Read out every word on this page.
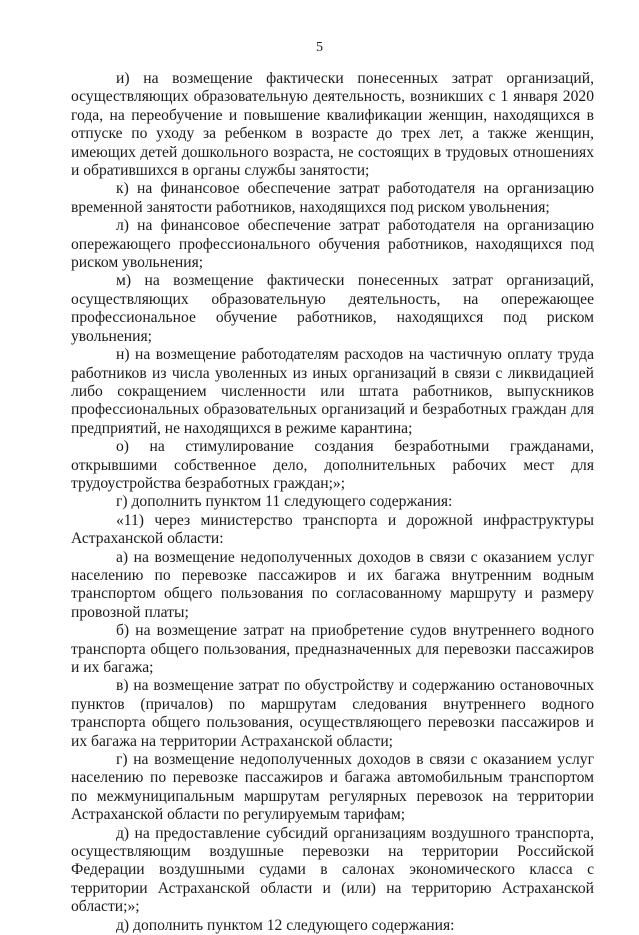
5

и) на возмещение фактически понесенных затрат организаций, осуществляющих образовательную деятельность, возникших с 1 января 2020 года, на переобучение и повышение квалификации женщин, находящихся в отпуске по уходу за ребенком в возрасте до трех лет, а также женщин, имеющих детей дошкольного возраста, не состоящих в трудовых отношениях и обратившихся в органы службы занятости;

к) на финансовое обеспечение затрат работодателя на организацию временной занятости работников, находящихся под риском увольнения;

л) на финансовое обеспечение затрат работодателя на организацию опережающего профессионального обучения работников, находящихся под риском увольнения;

м) на возмещение фактически понесенных затрат организаций, осуществляющих образовательную деятельность, на опережающее профессиональное обучение работников, находящихся под риском увольнения;

н) на возмещение работодателям расходов на частичную оплату труда работников из числа уволенных из иных организаций в связи с ликвидацией либо сокращением численности или штата работников, выпускников профессиональных образовательных организаций и безработных граждан для предприятий, не находящихся в режиме карантина;

о) на стимулирование создания безработными гражданами, открывшими собственное дело, дополнительных рабочих мест для трудоустройства безработных граждан;»;

г) дополнить пунктом 11 следующего содержания:

«11) через министерство транспорта и дорожной инфраструктуры Астраханской области:

а) на возмещение недополученных доходов в связи с оказанием услуг населению по перевозке пассажиров и их багажа внутренним водным транспортом общего пользования по согласованному маршруту и размеру провозной платы;

б) на возмещение затрат на приобретение судов внутреннего водного транспорта общего пользования, предназначенных для перевозки пассажиров и их багажа;

в) на возмещение затрат по обустройству и содержанию остановочных пунктов (причалов) по маршрутам следования внутреннего водного транспорта общего пользования, осуществляющего перевозки пассажиров и их багажа на территории Астраханской области;

г) на возмещение недополученных доходов в связи с оказанием услуг населению по перевозке пассажиров и багажа автомобильным транспортом по межмуниципальным маршрутам регулярных перевозок на территории Астраханской области по регулируемым тарифам;

д) на предоставление субсидий организациям воздушного транспорта, осуществляющим воздушные перевозки на территории Российской Федерации воздушными судами в салонах экономического класса с территории Астраханской области и (или) на территорию Астраханской области;»;

д) дополнить пунктом 12 следующего содержания:
